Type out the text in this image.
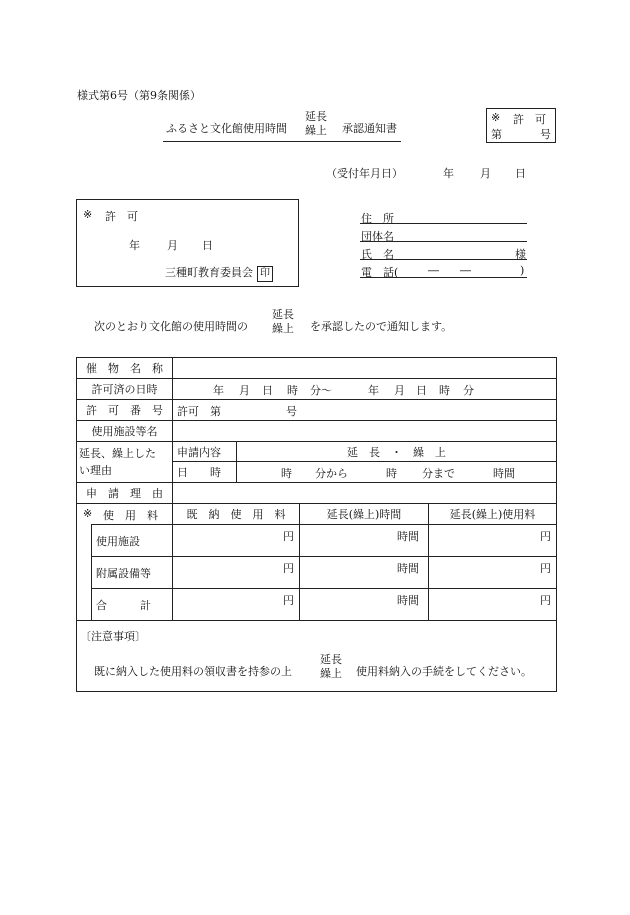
様式第6号（第9条関係）
ふるさと文化館使用時間
延長
繰上 承認通知書
※ 許　可
第	号
（受付年月日）	年 月 日
※ 許　可
年 月 日
三種町教育委員会 印
住　所
団体名
氏　名	様
電　話(	― ―	)
次のとおり文化館の使用時間の
延長
繰上 を承認したので通知します。
催　物　名　称
許可済の日時	年 月 日 時 分～	年 月 日 時 分
許　可　番　号	許可　第	号
使用施設等名
延長、繰上した
い理由
申請内容	延　長　・　繰　上
日　　時	時 分から	時 分まで	時間
申　請　理　由
※ 使　用　料	既　納　使　用　料	延長(繰上)時間	延長(繰上)使用料
使用施設	円	時間	円
附属設備等	円	時間	円
合　　　計	円	時間	円
〔注意事項〕
既に納入した使用料の領収書を持参の上
延長
繰上 使用料納入の手続をしてください。
